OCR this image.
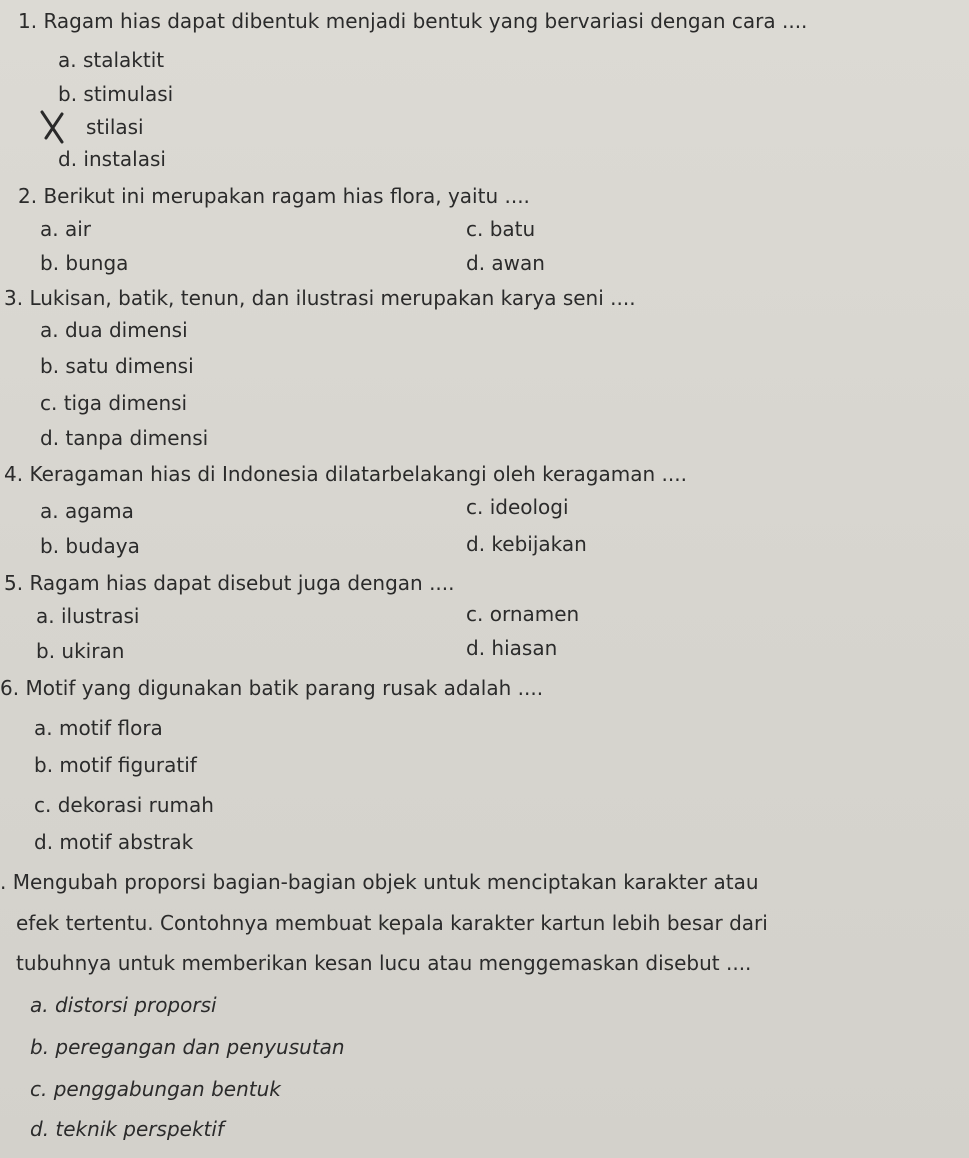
1. Ragam hias dapat dibentuk menjadi bentuk yang bervariasi dengan cara ....
a. stalaktit
b. stimulasi
stilasi
d. instalasi
2. Berikut ini merupakan ragam hias flora, yaitu ....
a. air	c. batu
b. bunga	d. awan
3. Lukisan, batik, tenun, dan ilustrasi merupakan karya seni ....
a. dua dimensi
b. satu dimensi
c. tiga dimensi
d. tanpa dimensi
4. Keragaman hias di Indonesia dilatarbelakangi oleh keragaman ....
a. agama	c. ideologi
b. budaya	d. kebijakan
5. Ragam hias dapat disebut juga dengan ....
a. ilustrasi	c. ornamen
b. ukiran	d. hiasan
6. Motif yang digunakan batik parang rusak adalah ....
a. motif flora
b. motif figuratif
c. dekorasi rumah
d. motif abstrak
. Mengubah proporsi bagian-bagian objek untuk menciptakan karakter atau
efek tertentu. Contohnya membuat kepala karakter kartun lebih besar dari
tubuhnya untuk memberikan kesan lucu atau menggemaskan disebut ....
a. distorsi proporsi
b. peregangan dan penyusutan
c. penggabungan bentuk
d. teknik perspektif
